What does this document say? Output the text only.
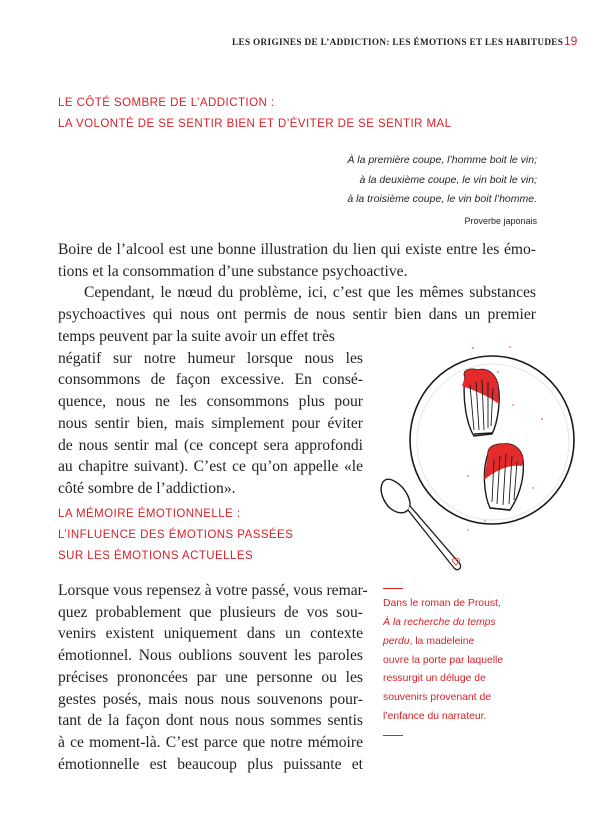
LES ORIGINES DE L’ADDICTION: LES ÉMOTIONS ET LES HABITUDES 19
LE CÔTÉ SOMBRE DE L’ADDICTION :
LA VOLONTÉ DE SE SENTIR BIEN ET D’ÉVITER DE SE SENTIR MAL
À la première coupe, l’homme boit le vin;
à la deuxième coupe, le vin boit le vin;
à la troisième coupe, le vin boit l’homme.
Proverbe japonais
Boire de l’alcool est une bonne illustration du lien qui existe entre les émo-
tions et la consommation d’une substance psychoactive.
Cependant, le nœud du problème, ici, c’est que les mêmes substances
psychoactives qui nous ont permis de nous sentir bien dans un premier
temps peuvent par la suite avoir un effet très
négatif sur notre humeur lorsque nous les
consommons de façon excessive. En consé-
quence, nous ne les consommons plus pour
nous sentir bien, mais simplement pour éviter
de nous sentir mal (ce concept sera approfondi
au chapitre suivant). C’est ce qu’on appelle «le
côté sombre de l’addiction».
LA MÉMOIRE ÉMOTIONNELLE :
L’INFLUENCE DES ÉMOTIONS PASSÉES
SUR LES ÉMOTIONS ACTUELLES
Lorsque vous repensez à votre passé, vous remar-
quez probablement que plusieurs de vos sou-
venirs existent uniquement dans un contexte
émotionnel. Nous oublions souvent les paroles
précises prononcées par une personne ou les
gestes posés, mais nous nous souvenons pour-
tant de la façon dont nous nous sommes sentis
à ce moment-là. C’est parce que notre mémoire
émotionnelle est beaucoup plus puissante et
Dans le roman de Proust,
À la recherche du temps
perdu, la madeleine
ouvre la porte par laquelle
ressurgit un déluge de
souvenirs provenant de
l’enfance du narrateur.
